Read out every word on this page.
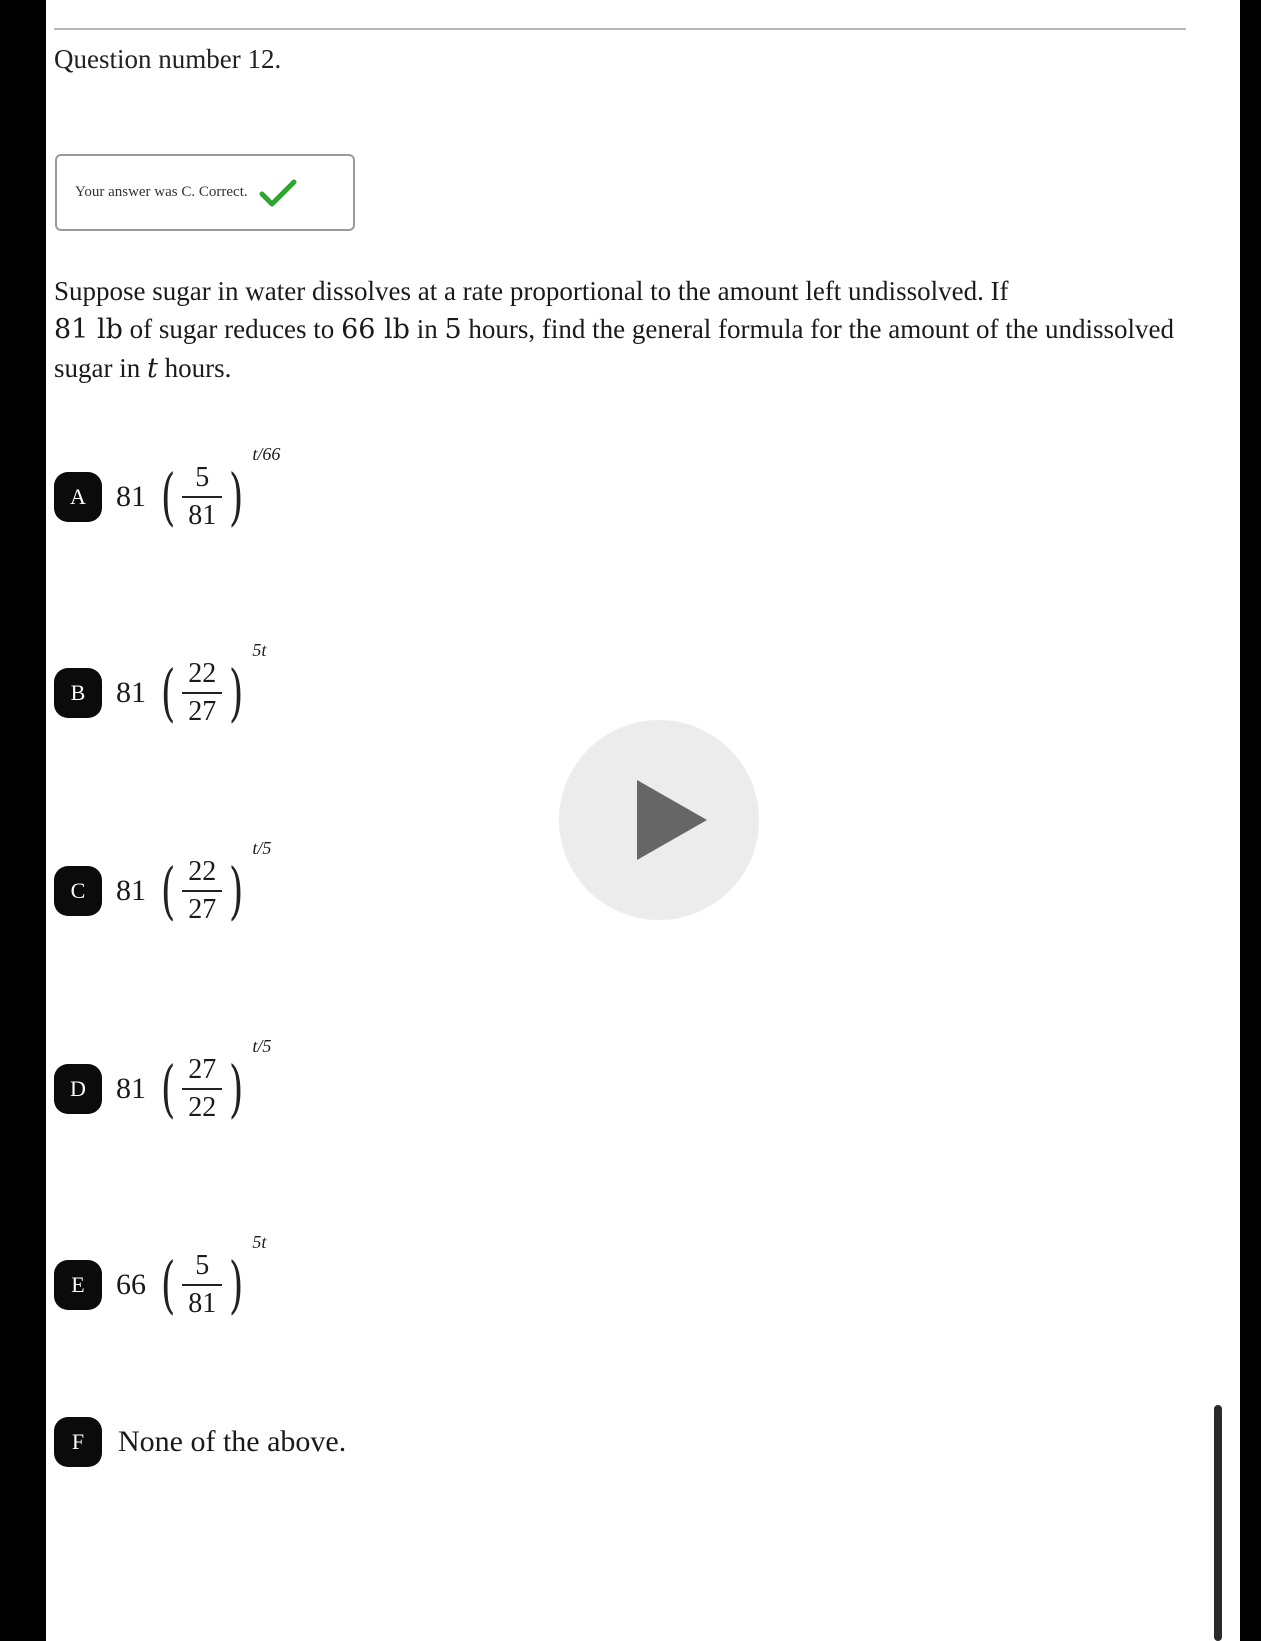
Question number 12.
Your answer was C. Correct.
Suppose sugar in water dissolves at a rate proportional to the amount left undissolved. If
81 lb of sugar reduces to 66 lb in 5 hours, find the general formula for the amount of the undissolved sugar in t hours.
A	81 ( $\frac{5}{81}$ )
t/66
B	81 ( $\frac{22}{27}$ )
5t
C	81 ( $\frac{22}{27}$ )
t/5
D	81 ( $\frac{27}{22}$ )
t/5
E	66 ( $\frac{5}{81}$ )
5t
F	None of the above.
